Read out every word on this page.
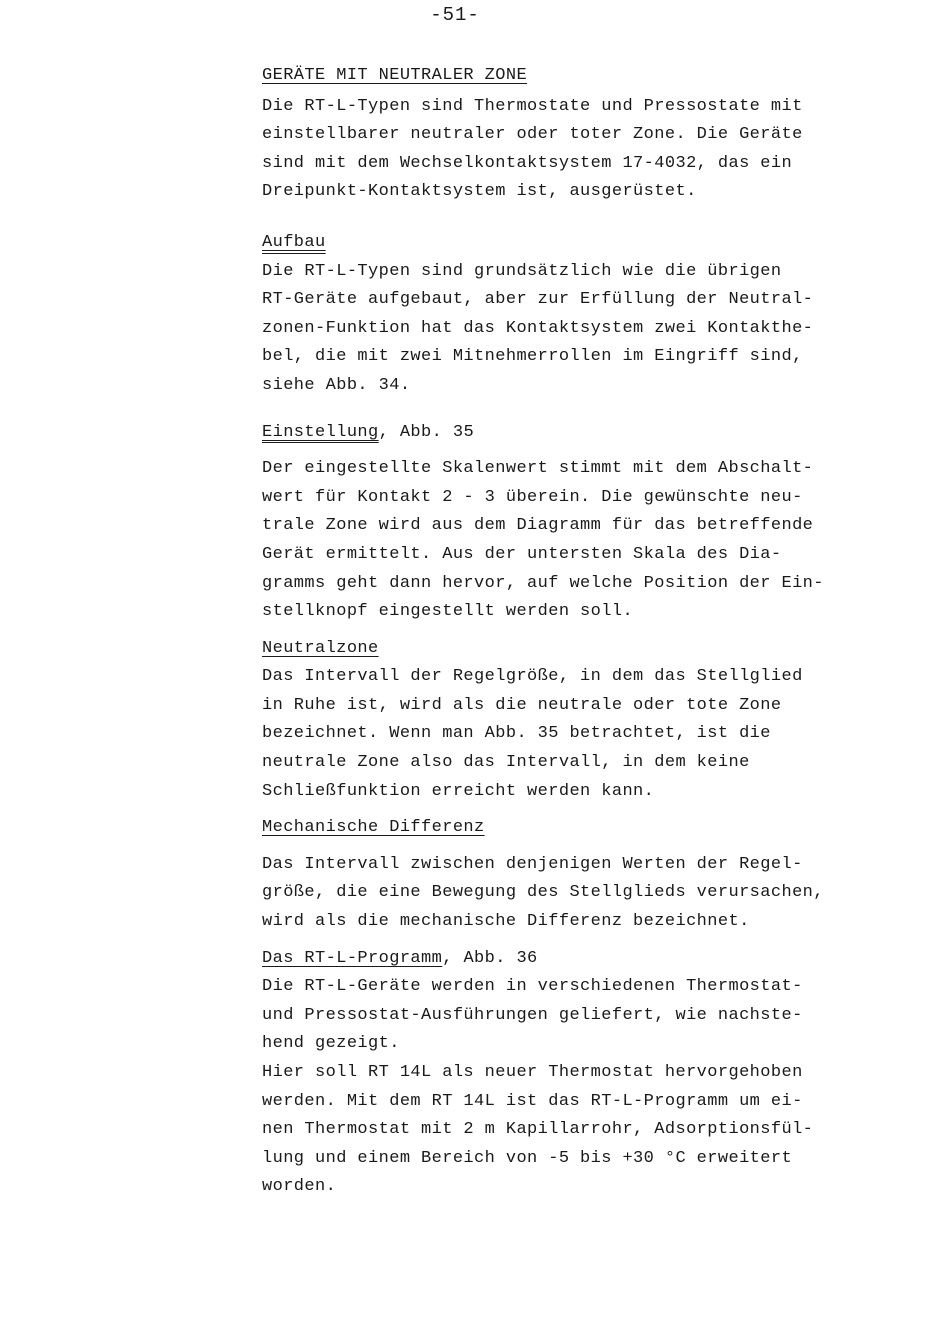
-51-
GERÄTE MIT NEUTRALER ZONE

Die RT-L-Typen sind Thermostate und Pressostate mit
einstellbarer neutraler oder toter Zone. Die Geräte
sind mit dem Wechselkontaktsystem 17-4032, das ein
Dreipunkt-Kontaktsystem ist, ausgerüstet.

Aufbau

Die RT-L-Typen sind grundsätzlich wie die übrigen
RT-Geräte aufgebaut, aber zur Erfüllung der Neutral-
zonen-Funktion hat das Kontaktsystem zwei Kontakthe-
bel, die mit zwei Mitnehmerrollen im Eingriff sind,
siehe Abb. 34.

Einstellung, Abb. 35

Der eingestellte Skalenwert stimmt mit dem Abschalt-
wert für Kontakt 2 - 3 überein. Die gewünschte neu-
trale Zone wird aus dem Diagramm für das betreffende
Gerät ermittelt. Aus der untersten Skala des Dia-
gramms geht dann hervor, auf welche Position der Ein-
stellknopf eingestellt werden soll.

Neutralzone

Das Intervall der Regelgröße, in dem das Stellglied
in Ruhe ist, wird als die neutrale oder tote Zone
bezeichnet. Wenn man Abb. 35 betrachtet, ist die
neutrale Zone also das Intervall, in dem keine
Schließfunktion erreicht werden kann.

Mechanische Differenz

Das Intervall zwischen denjenigen Werten der Regel-
größe, die eine Bewegung des Stellglieds verursachen,
wird als die mechanische Differenz bezeichnet.

Das RT-L-Programm, Abb. 36

Die RT-L-Geräte werden in verschiedenen Thermostat-
und Pressostat-Ausführungen geliefert, wie nachste-
hend gezeigt.
Hier soll RT 14L als neuer Thermostat hervorgehoben
werden. Mit dem RT 14L ist das RT-L-Programm um ei-
nen Thermostat mit 2 m Kapillarrohr, Adsorptionsfül-
lung und einem Bereich von -5 bis +30 °C erweitert
worden.
